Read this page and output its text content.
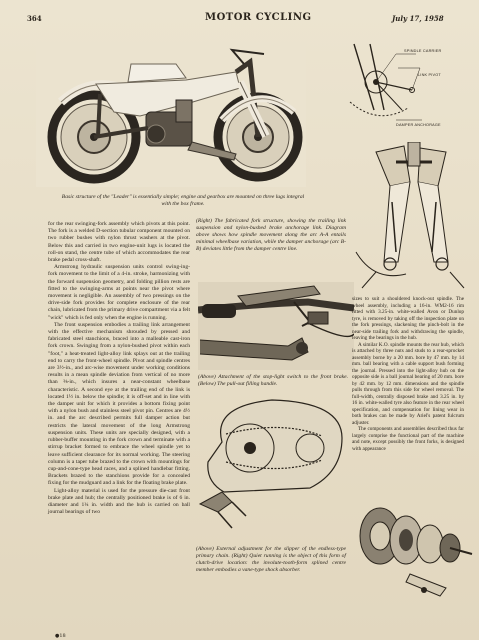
364	MOTOR CYCLING	July 17, 1958
SPINDLE CARRIER
LINK PIVOT
DAMPER ANCHORAGE
Basic structure of the "Leader" is essentially simple; engine and gearbox are mounted on three lugs integral with the box frame.
(Right) The fabricated fork structure, showing the trailing link suspension and nylon-bushed brake anchorage link. Diagram above shows how spindle movement along the arc A-A entails minimal wheelbase variation, while the damper anchorage (arc B-B) deviates little from the damper centre line.
(Above) Attachment of the stop-light switch to the front brake. (Below) The pull-out filling handle.
(Above) External adjustment for the slipper of the endless-type primary chain. (Right) Quiet running is the object of this form of clutch-drive location: the involute-tooth-form splined centre member embodies a vane-type shock absorber.

for the rear swinging-fork assembly which pivots at this point. The fork is a welded D-section tubular component mounted on two rubber bushes with nylon thrust washers at the pivot. Below this and carried in two engine-unit lugs is located the roll-on stand, the centre tube of which accommodates the rear brake pedal cross-shaft.

Armstrong hydraulic suspension units control swing-ing-fork movement to the limit of a 4-in. stroke, harmonizing with the forward suspension geometry, and folding pillion rests are fitted to the swinging-arms at points near the pivot where movement is negligible. An assembly of two pressings on the drive-side fork provides for complete enclosure of the rear chain, lubricated from the primary drive compartment via a felt "wick" which is fed only when the engine is running.

The front suspension embodies a trailing link arrangement with the effective mechanism shrouded by pressed and fabricated steel stanchions, braced into a malleable cast-iron fork crown. Swinging from a nylon-bushed pivot within each "foot," a heat-treated light-alloy link splays out at the trailing end to carry the front-wheel spindle. Pivot and spindle centres are 3½-in., and arc-wise movement under working conditions results in a mean spindle deviation from vertical of no more than ⅜-in., which insures a near-constant wheelbase characteristic. A second eye at the trailing end of the link is located 1½ in. below the spindle; it is off-set and in line with the damper unit for which it provides a bottom fixing point with a nylon bush and stainless steel pivot pin. Centres are 4½ in. and the arc described permits full damper action but restricts the lateral movement of the long Armstrong suspension units. These units are specially designed, with a rubber-buffer mounting in the fork crown and terminate with a stirrup bracket formed to embrace the wheel spindle yet to leave sufficient clearance for its normal working. The steering column is a taper tube brazed to the crown with mountings for cup-and-cone-type head races, and a splined handlebar fitting. Brackets brazed to the stanchions provide for a concealed fixing for the mudguard and a link for the floating brake plate.

Light-alloy material is used for the pressure die-cast front brake plate and hub; the centrally positioned brake is of 6 in. diameter and 1¼ in. width and the hub is carried on ball journal bearings of two

sizes to suit a shouldered knock-out spindle. The wheel assembly, including a 16-in. WM2-16 rim fitted with 3.25-in. white-walled Avon or Dunlop tyre, is removed by taking off the inspection plate on the fork pressings, slackening the pinch-bolt in the near-side trailing fork and withdrawing the spindle, leaving the bearings in the hub.

A similar K.O. spindle mounts the rear hub, which is attached by three nuts and studs to a rear-sprocket assembly borne by a 20 mm. bore by 47 mm. by 14 mm. ball bearing with a cable support bush forming the journal. Pressed into the light-alloy hub on the opposite side is a ball journal bearing of 20 mm. bore by 42 mm. by 12 mm. dimensions and the spindle pulls through from this side for wheel removal. The full-width, centrally disposed brake and 3.25 in. by 16 in. white-walled tyre also feature in the rear wheel specification, and compensation for lining wear in both brakes can be made by Ariel's patent fulcrum adjuster.

The components and assemblies described thus far largely comprise the functional part of the machine and note, except possibly the front forks, is designed with appearance

●18
